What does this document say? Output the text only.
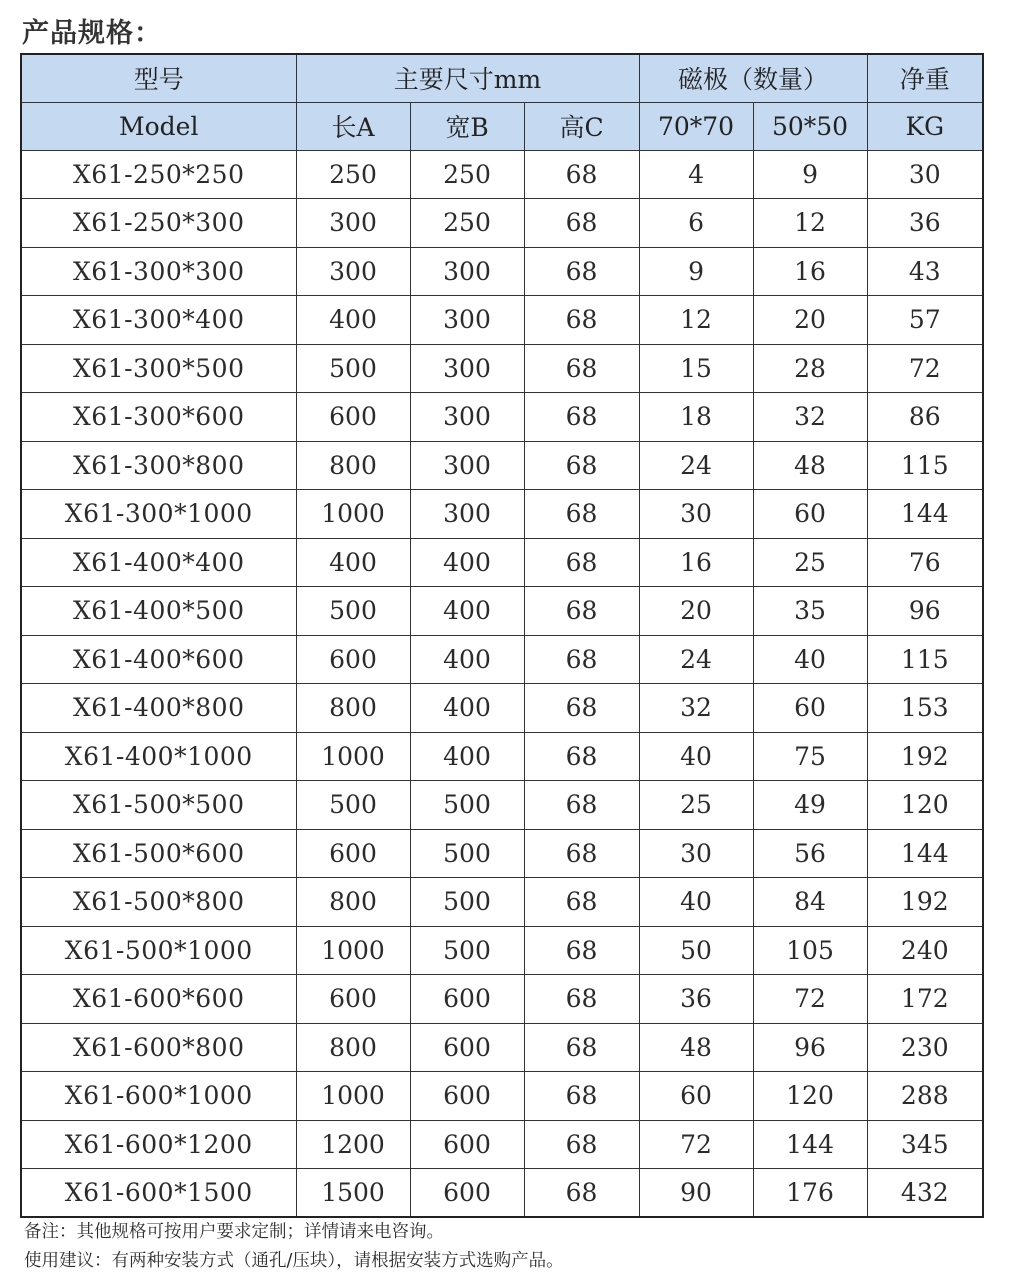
产品规格：
型号	主要尺寸mm			磁极（数量）		净重
Model	长A	宽B	高C	70*70	50*50	KG
X61-250*250	250	250	68	4	9	30
X61-250*300	300	250	68	6	12	36
X61-300*300	300	300	68	9	16	43
X61-300*400	400	300	68	12	20	57
X61-300*500	500	300	68	15	28	72
X61-300*600	600	300	68	18	32	86
X61-300*800	800	300	68	24	48	115
X61-300*1000	1000	300	68	30	60	144
X61-400*400	400	400	68	16	25	76
X61-400*500	500	400	68	20	35	96
X61-400*600	600	400	68	24	40	115
X61-400*800	800	400	68	32	60	153
X61-400*1000	1000	400	68	40	75	192
X61-500*500	500	500	68	25	49	120
X61-500*600	600	500	68	30	56	144
X61-500*800	800	500	68	40	84	192
X61-500*1000	1000	500	68	50	105	240
X61-600*600	600	600	68	36	72	172
X61-600*800	800	600	68	48	96	230
X61-600*1000	1000	600	68	60	120	288
X61-600*1200	1200	600	68	72	144	345
X61-600*1500	1500	600	68	90	176	432
备注：其他规格可按用户要求定制；详情请来电咨询。
使用建议：有两种安装方式（通孔/压块），请根据安装方式选购产品。
